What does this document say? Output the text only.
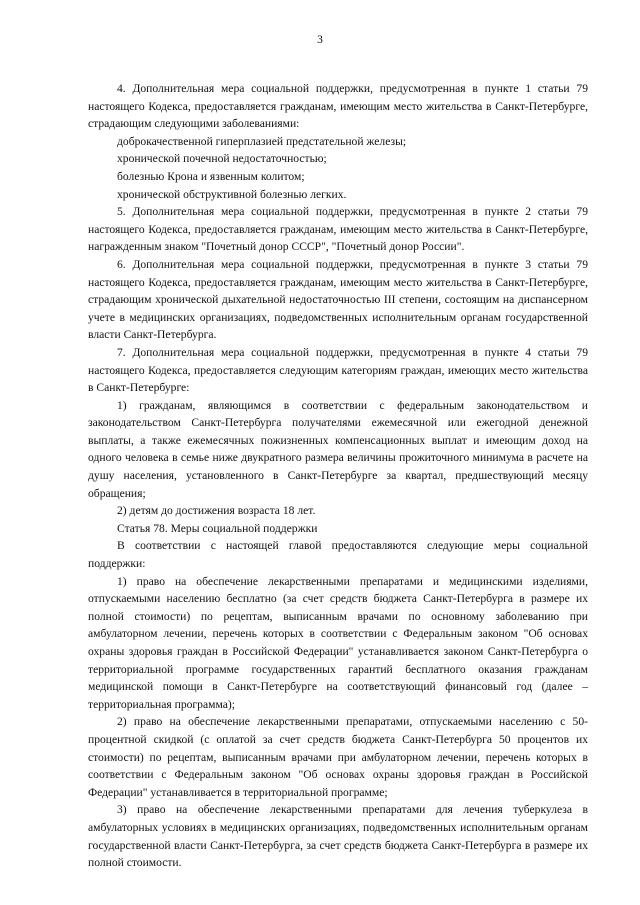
3

4. Дополнительная мера социальной поддержки, предусмотренная в пункте 1 статьи 79 настоящего Кодекса, предоставляется гражданам, имеющим место жительства в Санкт-Петербурге, страдающим следующими заболеваниями:

доброкачественной гиперплазией предстательной железы;

хронической почечной недостаточностью;

болезнью Крона и язвенным колитом;

хронической обструктивной болезнью легких.

5. Дополнительная мера социальной поддержки, предусмотренная в пункте 2 статьи 79 настоящего Кодекса, предоставляется гражданам, имеющим место жительства в Санкт-Петербурге, награжденным знаком "Почетный донор СССР", "Почетный донор России".

6. Дополнительная мера социальной поддержки, предусмотренная в пункте 3 статьи 79 настоящего Кодекса, предоставляется гражданам, имеющим место жительства в Санкт-Петербурге, страдающим хронической дыхательной недостаточностью III степени, состоящим на диспансерном учете в медицинских организациях, подведомственных исполнительным органам государственной власти Санкт-Петербурга.

7. Дополнительная мера социальной поддержки, предусмотренная в пункте 4 статьи 79 настоящего Кодекса, предоставляется следующим категориям граждан, имеющих место жительства в Санкт-Петербурге:

1) гражданам, являющимся в соответствии с федеральным законодательством и законодательством Санкт-Петербурга получателями ежемесячной или ежегодной денежной выплаты, а также ежемесячных пожизненных компенсационных выплат и имеющим доход на одного человека в семье ниже двукратного размера величины прожиточного минимума в расчете на душу населения, установленного в Санкт-Петербурге за квартал, предшествующий месяцу обращения;

2) детям до достижения возраста 18 лет.

Статья 78. Меры социальной поддержки

В соответствии с настоящей главой предоставляются следующие меры социальной поддержки:

1) право на обеспечение лекарственными препаратами и медицинскими изделиями, отпускаемыми населению бесплатно (за счет средств бюджета Санкт-Петербурга в размере их полной стоимости) по рецептам, выписанным врачами по основному заболеванию при амбулаторном лечении, перечень которых в соответствии с Федеральным законом "Об основах охраны здоровья граждан в Российской Федерации" устанавливается законом Санкт-Петербурга о территориальной программе государственных гарантий бесплатного оказания гражданам медицинской помощи в Санкт-Петербурге на соответствующий финансовый год (далее – территориальная программа);

2) право на обеспечение лекарственными препаратами, отпускаемыми населению с 50-процентной скидкой (с оплатой за счет средств бюджета Санкт-Петербурга 50 процентов их стоимости) по рецептам, выписанным врачами при амбулаторном лечении, перечень которых в соответствии с Федеральным законом "Об основах охраны здоровья граждан в Российской Федерации" устанавливается в территориальной программе;

3) право на обеспечение лекарственными препаратами для лечения туберкулеза в амбулаторных условиях в медицинских организациях, подведомственных исполнительным органам государственной власти Санкт-Петербурга, за счет средств бюджета Санкт-Петербурга в размере их полной стоимости.
